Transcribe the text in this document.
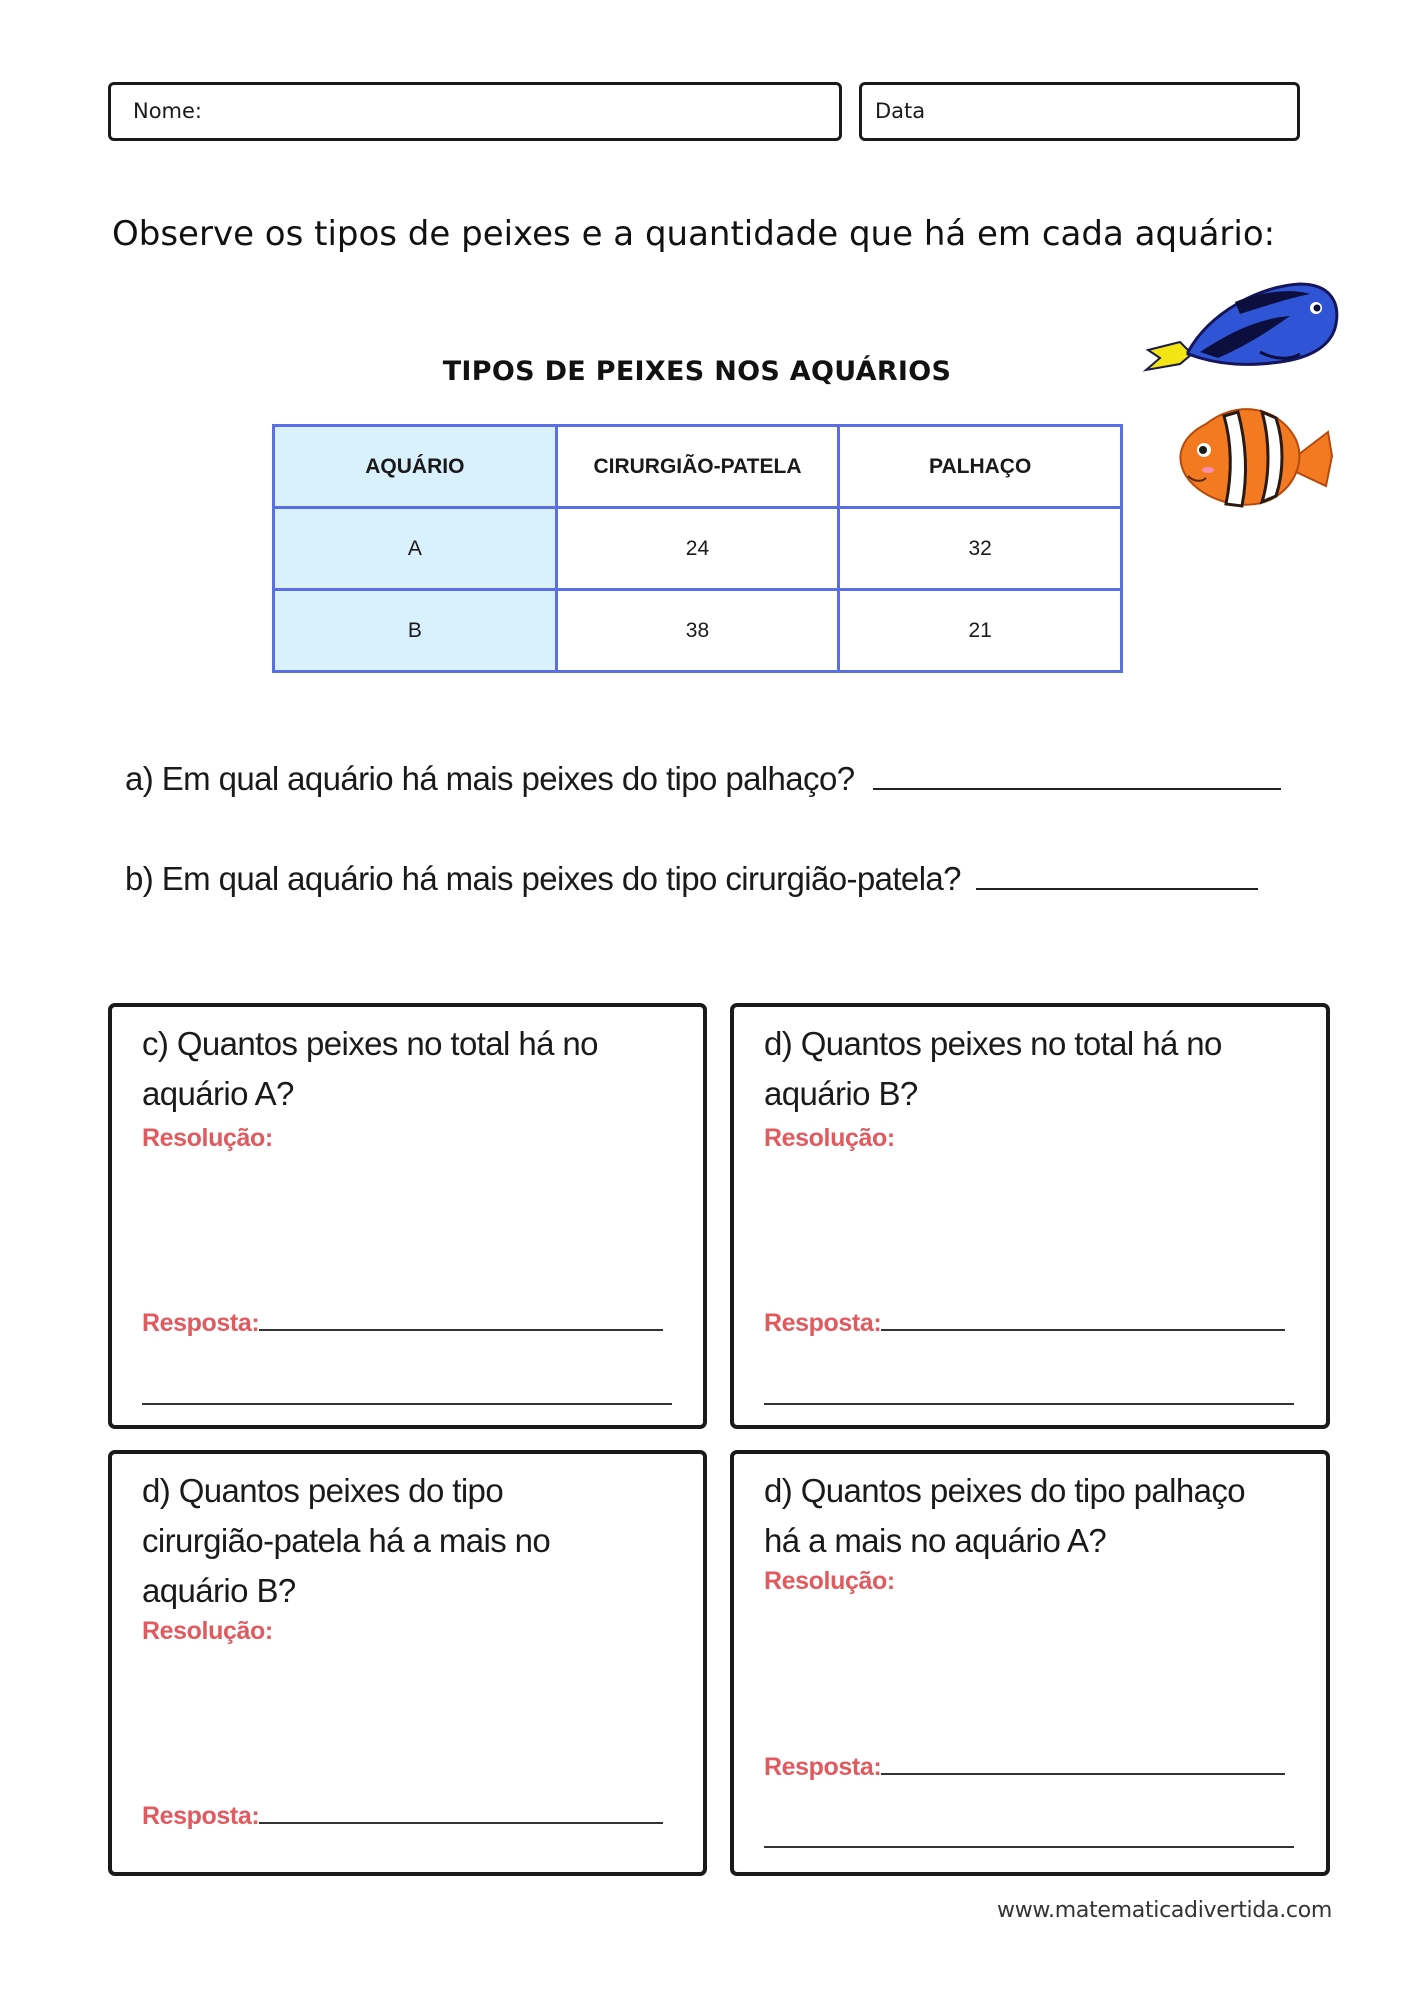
Nome:	Data
Observe os tipos de peixes e a quantidade que há em cada aquário:
TIPOS DE PEIXES NOS AQUÁRIOS
AQUÁRIO	CIRURGIÃO-PATELA	PALHAÇO
A	24	32
B	38	21
a) Em qual aquário há mais peixes do tipo palhaço?
b) Em qual aquário há mais peixes do tipo cirurgião-patela?
c) Quantos peixes no total há no
aquário A?
Resolução:
Resposta:
d) Quantos peixes no total há no
aquário B?
Resolução:
Resposta:
d) Quantos peixes do tipo
cirurgião-patela há a mais no
aquário B?
Resolução:
Resposta:
d) Quantos peixes do tipo palhaço
há a mais no aquário A?
Resolução:
Resposta:
www.matematicadivertida.com
